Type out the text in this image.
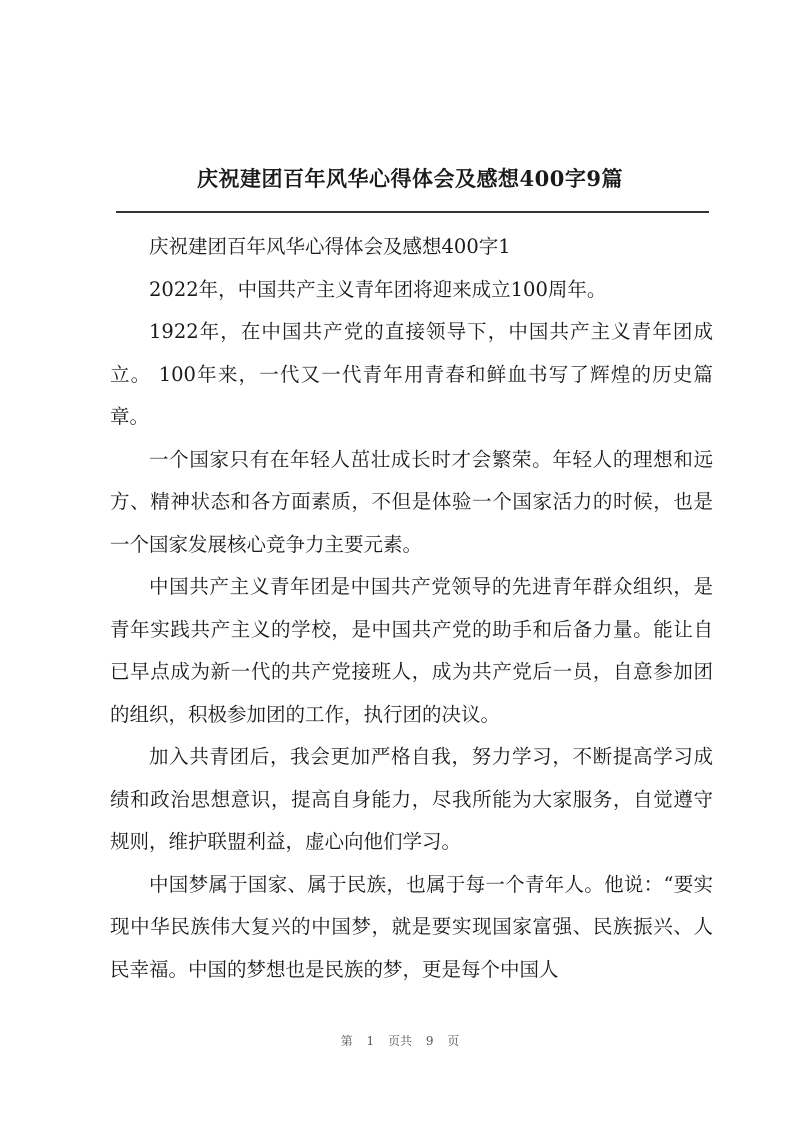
庆祝建团百年风华心得体会及感想400字9篇

庆祝建团百年风华心得体会及感想400字1

2022年，中国共产主义青年团将迎来成立100周年。

1922年，在中国共产党的直接领导下，中国共产主义青年团成立。 100年来，一代又一代青年用青春和鲜血书写了辉煌的历史篇章。

一个国家只有在年轻人茁壮成长时才会繁荣。年轻人的理想和远方、精神状态和各方面素质，不但是体验一个国家活力的时候，也是一个国家发展核心竞争力主要元素。

中国共产主义青年团是中国共产党领导的先进青年群众组织，是青年实践共产主义的学校，是中国共产党的助手和后备力量。能让自已早点成为新一代的共产党接班人，成为共产党后一员，自意参加团的组织，积极参加团的工作，执行团的决议。

加入共青团后，我会更加严格自我，努力学习，不断提高学习成绩和政治思想意识，提高自身能力，尽我所能为大家服务，自觉遵守规则，维护联盟利益，虚心向他们学习。

中国梦属于国家、属于民族，也属于每一个青年人。他说：“要实现中华民族伟大复兴的中国梦，就是要实现国家富强、民族振兴、人民幸福。中国的梦想也是民族的梦，更是每个中国人

第 1 页共 9 页
